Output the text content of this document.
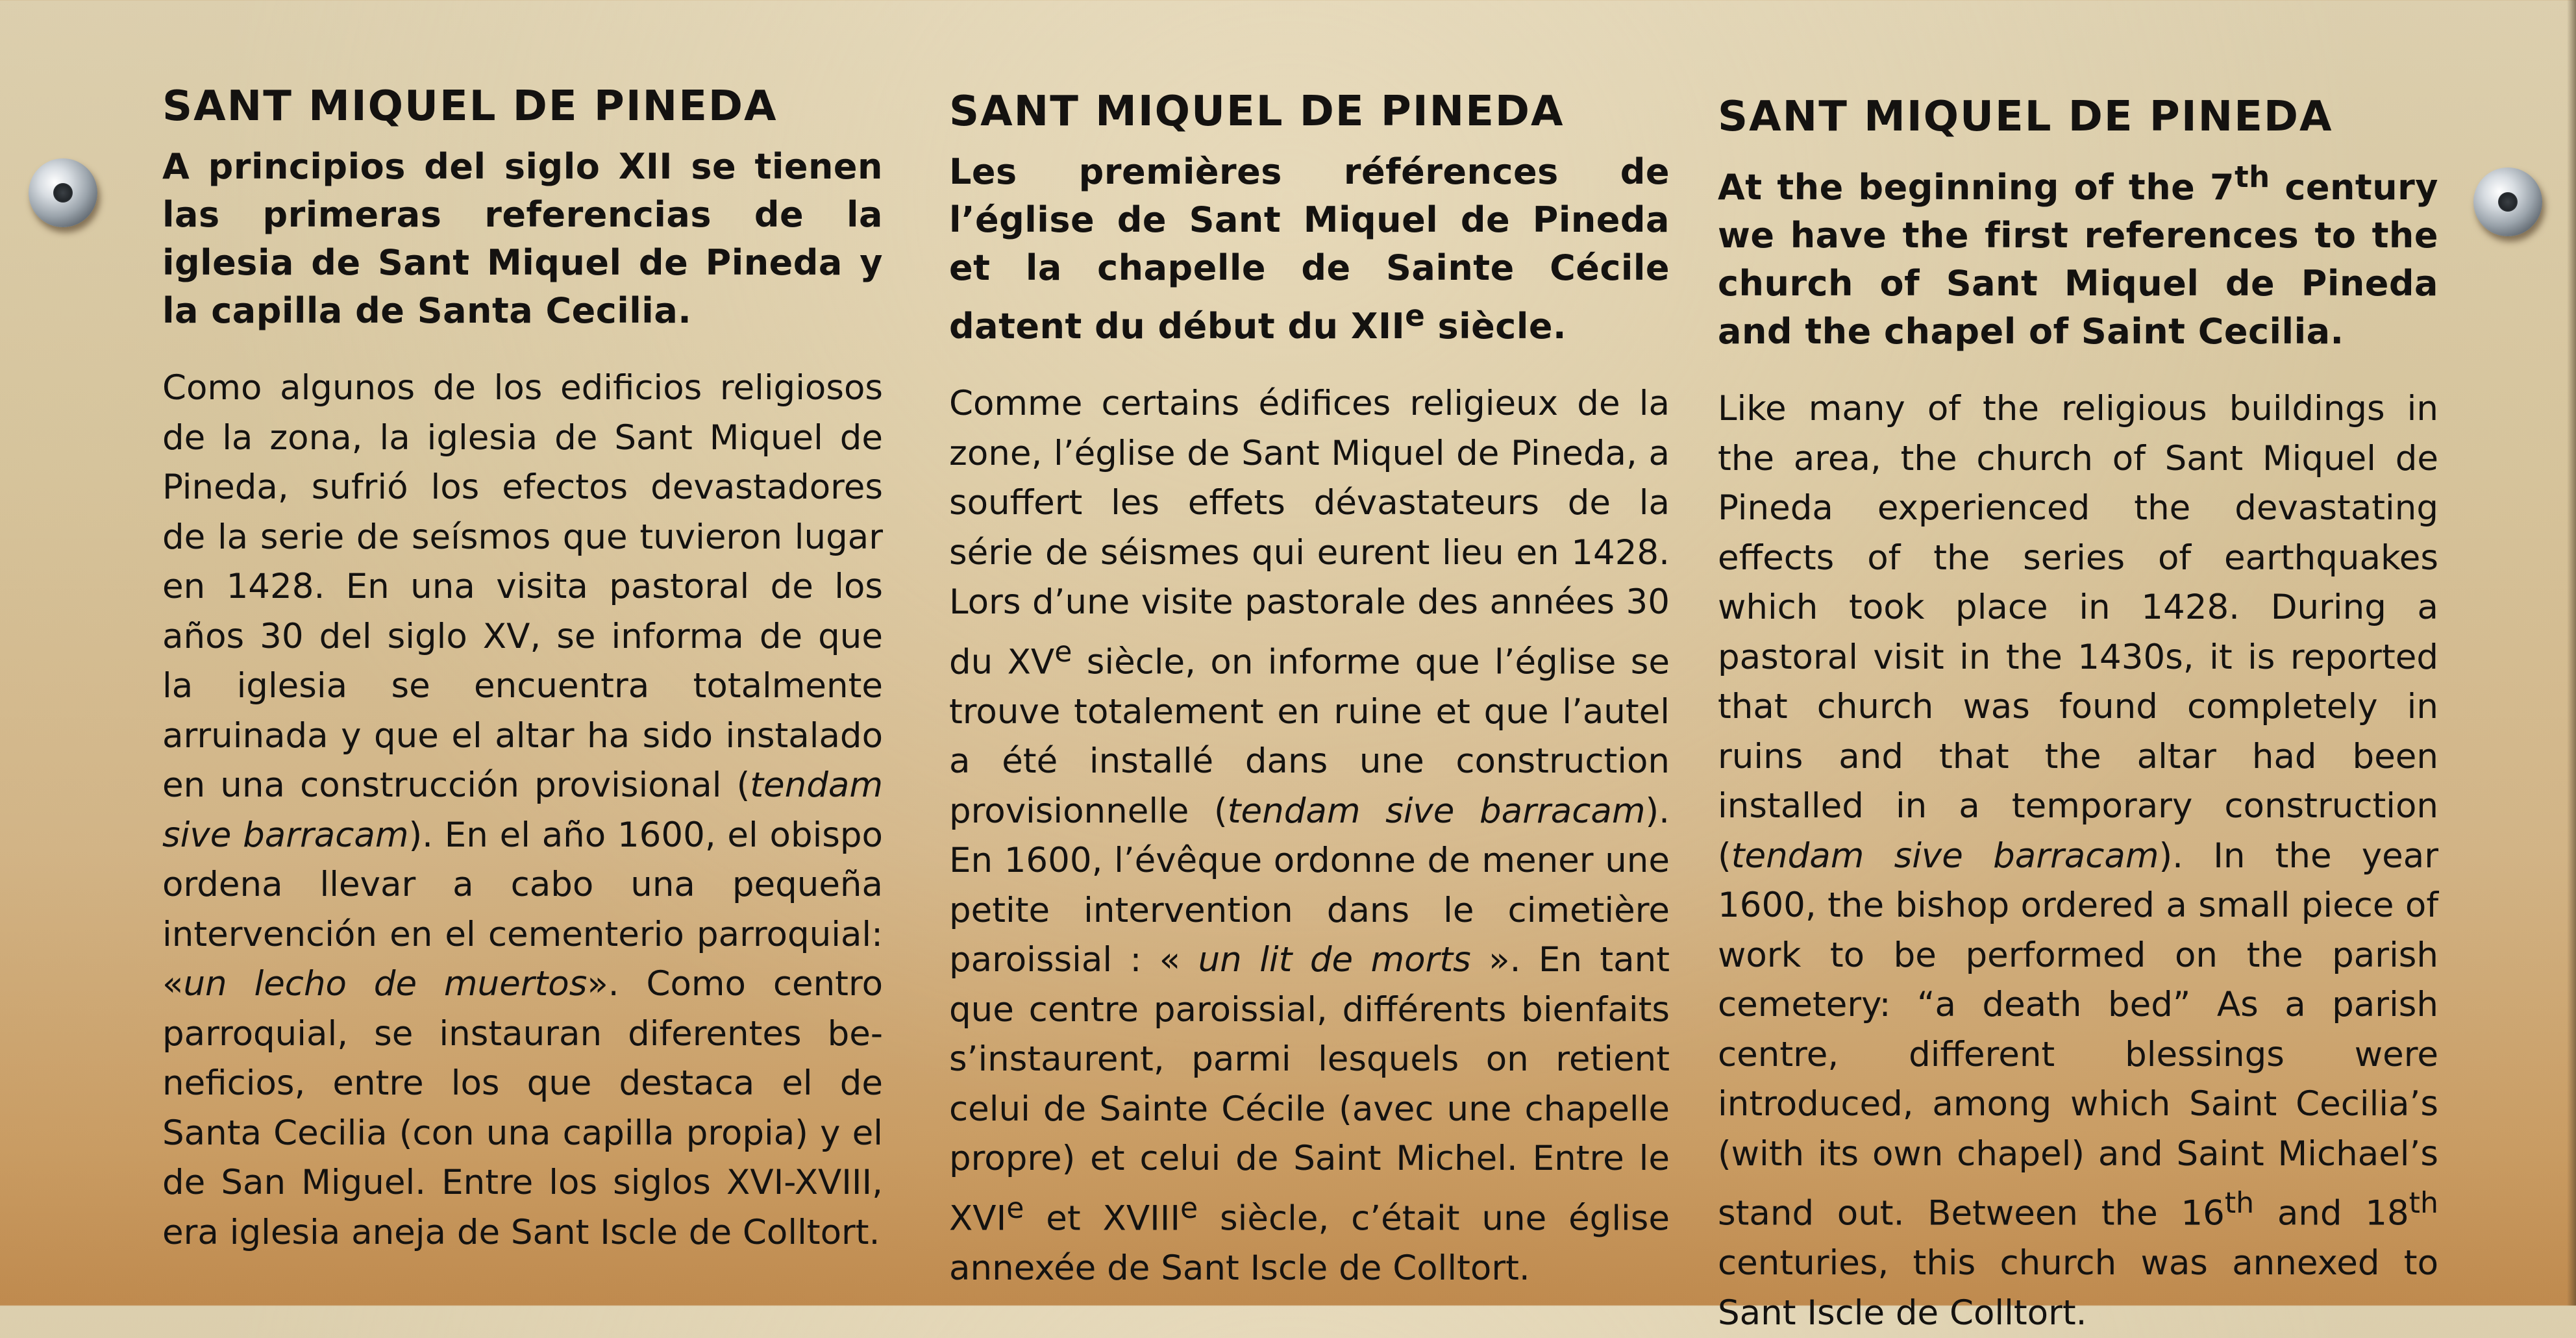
SANT MIQUEL DE PINEDA
A principios del siglo XII se tienen las primeras referencias de la iglesia de Sant Miquel de Pineda y la capilla de Santa Cecilia.

Como algunos de los edificios religiosos de la zona, la iglesia de Sant Miquel de Pineda, sufrió los efectos devastadores de la serie de seísmos que tuvieron lugar en 1428. En una visita pastoral de los años 30 del siglo XV, se informa de que la iglesia se encuentra totalmente arruinada y que el altar ha sido instalado en una construcción provisional (tendam sive barracam). En el año 1600, el obispo ordena llevar a cabo una pequeña intervención en el cementerio parroquial: «un lecho de muertos». Como centro parroquial, se instauran diferentes be-neficios, entre los que destaca el de Santa Cecilia (con una capilla propia) y el de San Miguel. Entre los siglos XVI-XVIII, era iglesia aneja de Sant Iscle de Colltort.

SANT MIQUEL DE PINEDA
Les premières références de l’église de Sant Miquel de Pineda et la chapelle de Sainte Cécile datent du début du XIIe siècle.

Comme certains édifices religieux de la zone, l’église de Sant Miquel de Pineda, a souffert les effets dévastateurs de la série de séismes qui eurent lieu en 1428. Lors d’une visite pastorale des années 30 du XVe siècle, on informe que l’église se trouve totalement en ruine et que l’autel a été installé dans une construction provisionnelle (tendam sive barracam). En 1600, l’évêque ordonne de mener une petite intervention dans le cimetière paroissial : « un lit de morts ». En tant que centre paroissial, différents bienfaits s’instaurent, parmi lesquels on retient celui de Sainte Cécile (avec une chapelle propre) et celui de Saint Michel. Entre le XVIe et XVIIIe siècle, c’était une église annexée de Sant Iscle de Colltort.

SANT MIQUEL DE PINEDA
At the beginning of the 7th century we have the first references to the church of Sant Miquel de Pineda and the chapel of Saint Cecilia.

Like many of the religious buildings in the area, the church of Sant Miquel de Pineda experienced the devastating effects of the series of earthquakes which took place in 1428. During a pastoral visit in the 1430s, it is reported that church was found completely in ruins and that the altar had been installed in a temporary construction (tendam sive barracam). In the year 1600, the bishop ordered a small piece of work to be performed on the parish cemetery: “a death bed” As a parish centre, different blessings were introduced, among which Saint Cecilia’s (with its own chapel) and Saint Michael’s stand out. Between the 16th and 18th centuries, this church was annexed to Sant Iscle de Colltort.
